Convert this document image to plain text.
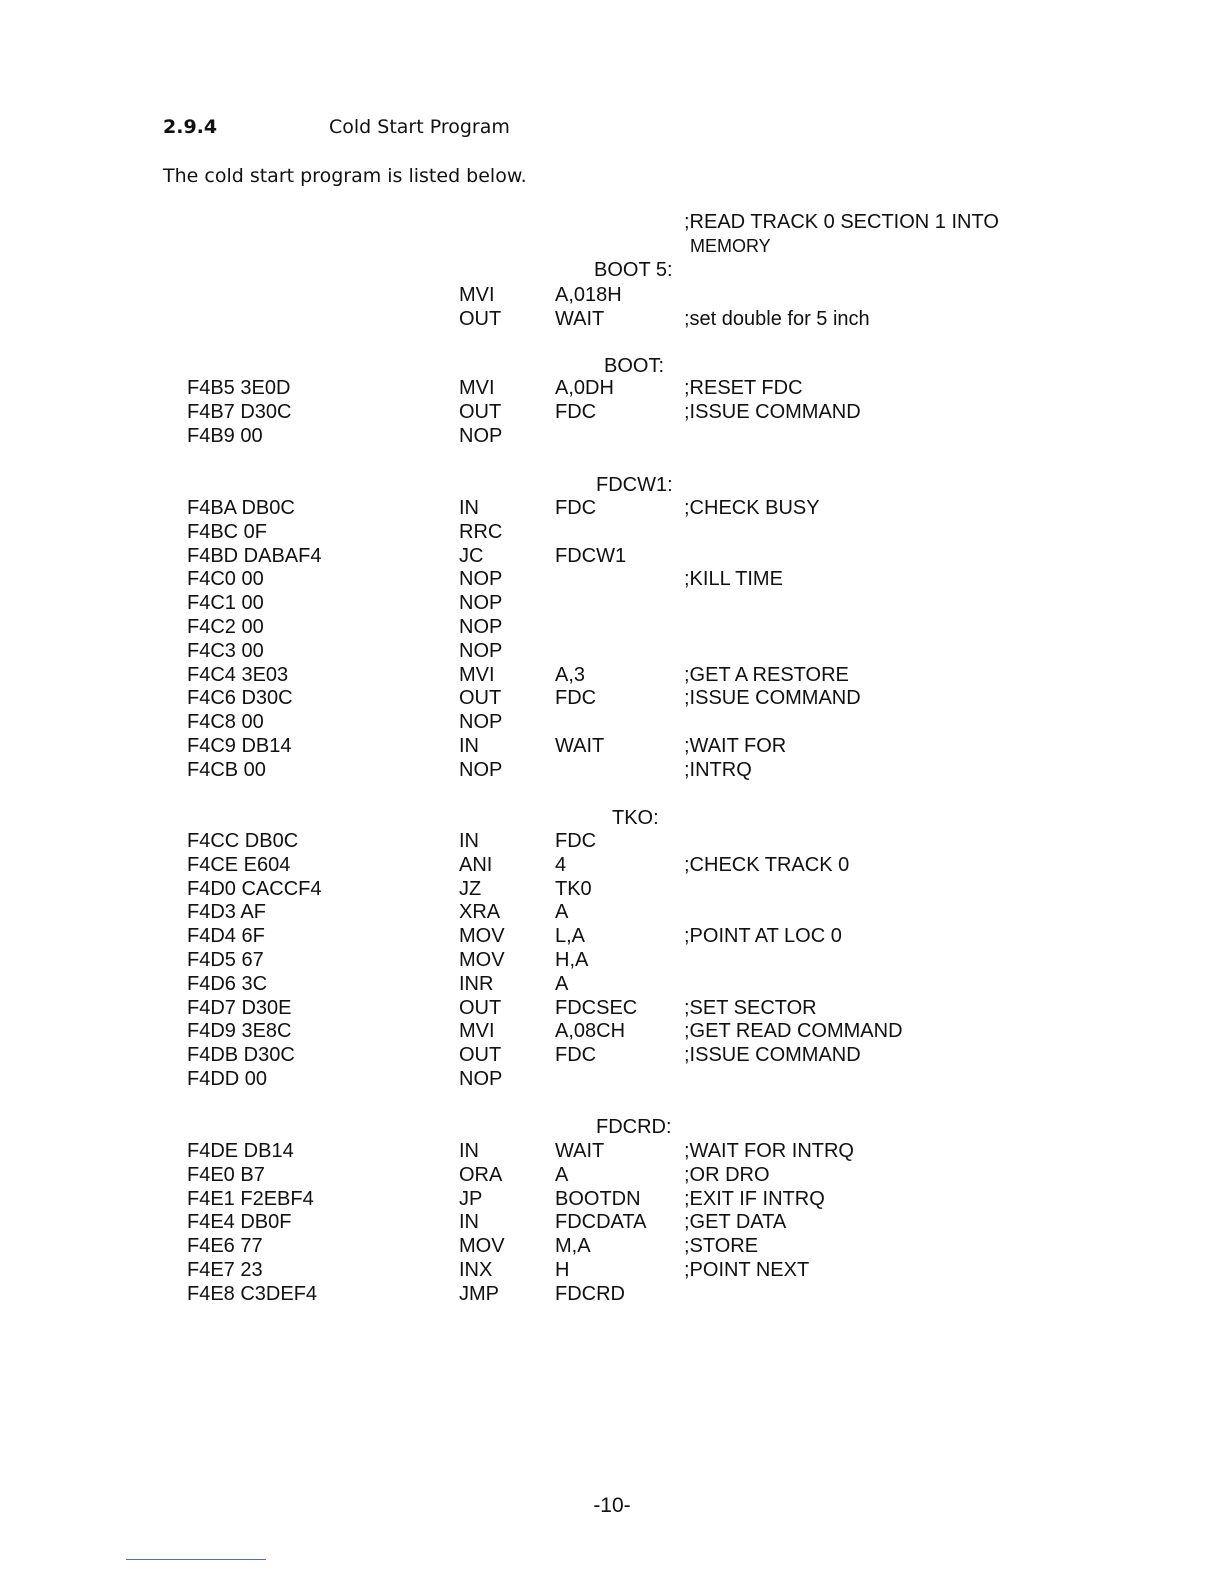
2.9.4	Cold Start Program
The cold start program is listed below.
;READ TRACK 0 SECTION 1 INTO
MEMORY
BOOT 5:
MVI	A,018H
OUT	WAIT	;set double for 5 inch
BOOT:
F4B5 3E0D	MVI	A,0DH	;RESET FDC
F4B7 D30C	OUT	FDC	;ISSUE COMMAND
F4B9 00	NOP
FDCW1:
F4BA DB0C	IN	FDC	;CHECK BUSY
F4BC 0F	RRC
F4BD DABAF4	JC	FDCW1
F4C0 00	NOP	;KILL TIME
F4C1 00	NOP
F4C2 00	NOP
F4C3 00	NOP
F4C4 3E03	MVI	A,3	;GET A RESTORE
F4C6 D30C	OUT	FDC	;ISSUE COMMAND
F4C8 00	NOP
F4C9 DB14	IN	WAIT	;WAIT FOR
F4CB 00	NOP	;INTRQ
TKO:
F4CC DB0C	IN	FDC
F4CE E604	ANI	4	;CHECK TRACK 0
F4D0 CACCF4	JZ	TK0
F4D3 AF	XRA	A
F4D4 6F	MOV	L,A	;POINT AT LOC 0
F4D5 67	MOV	H,A
F4D6 3C	INR	A
F4D7 D30E	OUT	FDCSEC ;SET SECTOR
F4D9 3E8C	MVI	A,08CH	;GET READ COMMAND
F4DB D30C	OUT	FDC	;ISSUE COMMAND
F4DD 00	NOP
FDCRD:
F4DE DB14	IN	WAIT	;WAIT FOR INTRQ
F4E0 B7	ORA	A	;OR DRO
F4E1 F2EBF4	JP	BOOTDN ;EXIT IF INTRQ
F4E4 DB0F	IN	FDCDATA ;GET DATA
F4E6 77	MOV	M,A	;STORE
F4E7 23	INX	H	;POINT NEXT
F4E8 C3DEF4	JMP	FDCRD
-10-
